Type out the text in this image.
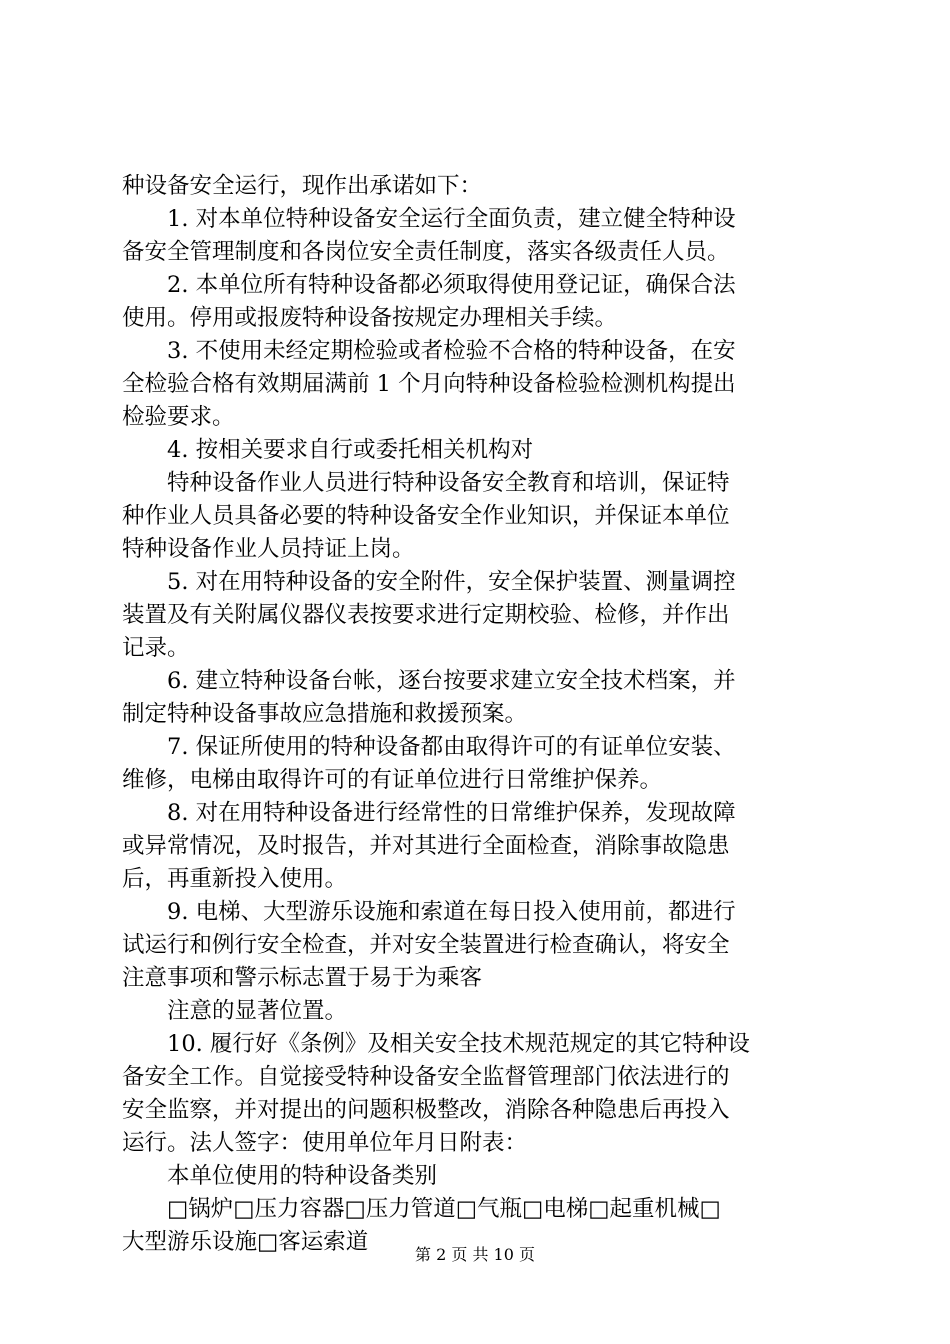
种设备安全运行，现作出承诺如下：

1. 对本单位特种设备安全运行全面负责，建立健全特种设
备安全管理制度和各岗位安全责任制度，落实各级责任人员。

2. 本单位所有特种设备都必须取得使用登记证，确保合法
使用。停用或报废特种设备按规定办理相关手续。

3. 不使用未经定期检验或者检验不合格的特种设备，在安
全检验合格有效期届满前 1 个月向特种设备检验检测机构提出
检验要求。

4. 按相关要求自行或委托相关机构对

特种设备作业人员进行特种设备安全教育和培训，保证特
种作业人员具备必要的特种设备安全作业知识，并保证本单位
特种设备作业人员持证上岗。

5. 对在用特种设备的安全附件，安全保护装置、测量调控
装置及有关附属仪器仪表按要求进行定期校验、检修，并作出
记录。

6. 建立特种设备台帐，逐台按要求建立安全技术档案，并
制定特种设备事故应急措施和救援预案。

7. 保证所使用的特种设备都由取得许可的有证单位安装、
维修，电梯由取得许可的有证单位进行日常维护保养。

8. 对在用特种设备进行经常性的日常维护保养，发现故障
或异常情况，及时报告，并对其进行全面检查，消除事故隐患
后，再重新投入使用。

9. 电梯、大型游乐设施和索道在每日投入使用前，都进行
试运行和例行安全检查，并对安全装置进行检查确认，将安全
注意事项和警示标志置于易于为乘客

注意的显著位置。

10. 履行好《条例》及相关安全技术规范规定的其它特种设
备安全工作。自觉接受特种设备安全监督管理部门依法进行的
安全监察，并对提出的问题积极整改，消除各种隐患后再投入
运行。法人签字：使用单位年月日附表：

本单位使用的特种设备类别

□锅炉□压力容器□压力管道□气瓶□电梯□起重机械□
大型游乐设施□客运索道	第 2 页 共 10 页
